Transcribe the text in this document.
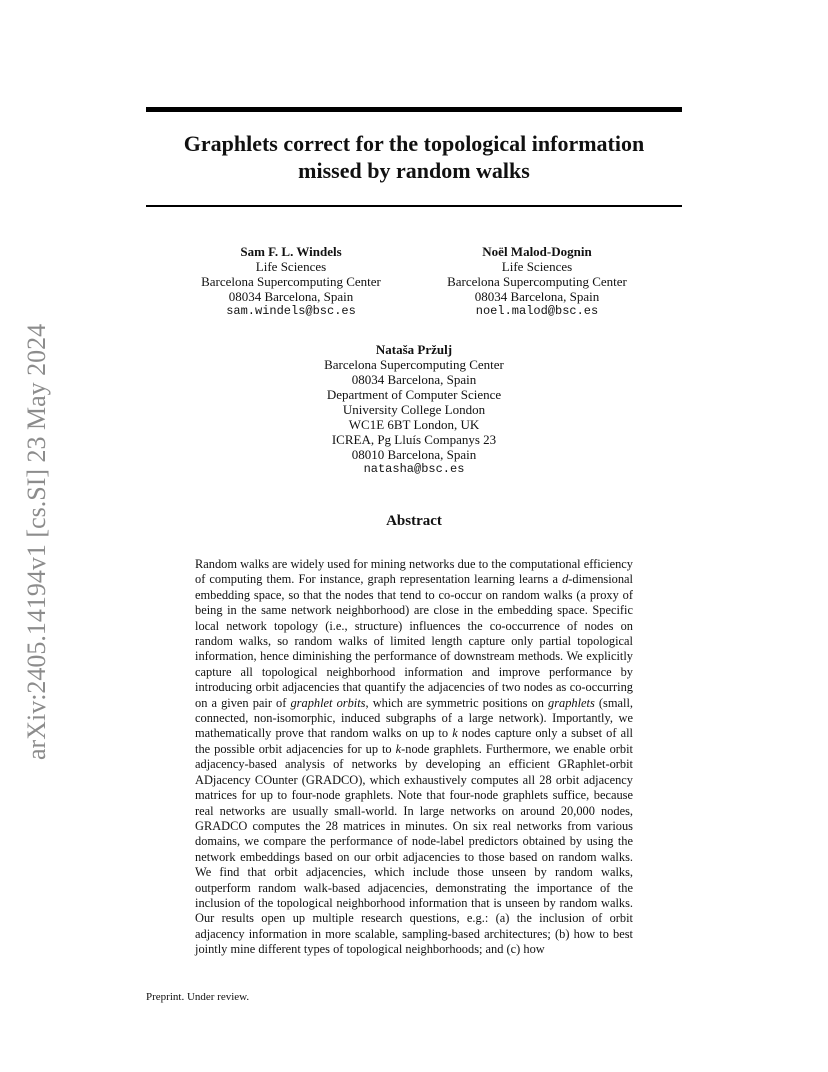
arXiv:2405.14194v1 [cs.SI] 23 May 2024
Graphlets correct for the topological information
missed by random walks
Sam F. L. Windels
Life Sciences
Barcelona Supercomputing Center
08034 Barcelona, Spain
sam.windels@bsc.es
Noël Malod-Dognin
Life Sciences
Barcelona Supercomputing Center
08034 Barcelona, Spain
noel.malod@bsc.es
Nataša Pržulj
Barcelona Supercomputing Center
08034 Barcelona, Spain
Department of Computer Science
University College London
WC1E 6BT London, UK
ICREA, Pg Lluís Companys 23
08010 Barcelona, Spain
natasha@bsc.es
Abstract

Random walks are widely used for mining networks due to the computational efficiency of computing them. For instance, graph representation learning learns a d-dimensional embedding space, so that the nodes that tend to co-occur on random walks (a proxy of being in the same network neighborhood) are close in the embedding space. Specific local network topology (i.e., structure) influences the co-occurrence of nodes on random walks, so random walks of limited length capture only partial topological information, hence diminishing the performance of downstream methods. We explicitly capture all topological neighborhood information and improve performance by introducing orbit adjacencies that quantify the adjacencies of two nodes as co-occurring on a given pair of graphlet orbits, which are symmetric positions on graphlets (small, connected, non-isomorphic, induced subgraphs of a large network). Importantly, we mathematically prove that random walks on up to k nodes capture only a subset of all the possible orbit adjacencies for up to k-node graphlets. Furthermore, we enable orbit adjacency-based analysis of networks by developing an efficient GRaphlet-orbit ADjacency COunter (GRADCO), which exhaustively computes all 28 orbit adjacency matrices for up to four-node graphlets. Note that four-node graphlets suffice, because real networks are usually small-world. In large networks on around 20,000 nodes, GRADCO computes the 28 matrices in minutes. On six real networks from various domains, we compare the performance of node-label predictors obtained by using the network embeddings based on our orbit adjacencies to those based on random walks. We find that orbit adjacencies, which include those unseen by random walks, outperform random walk-based adjacencies, demonstrating the importance of the inclusion of the topological neighborhood information that is unseen by random walks. Our results open up multiple research questions, e.g.: (a) the inclusion of orbit adjacency information in more scalable, sampling-based architectures; (b) how to best jointly mine different types of topological neighborhoods; and (c) how

Preprint. Under review.
